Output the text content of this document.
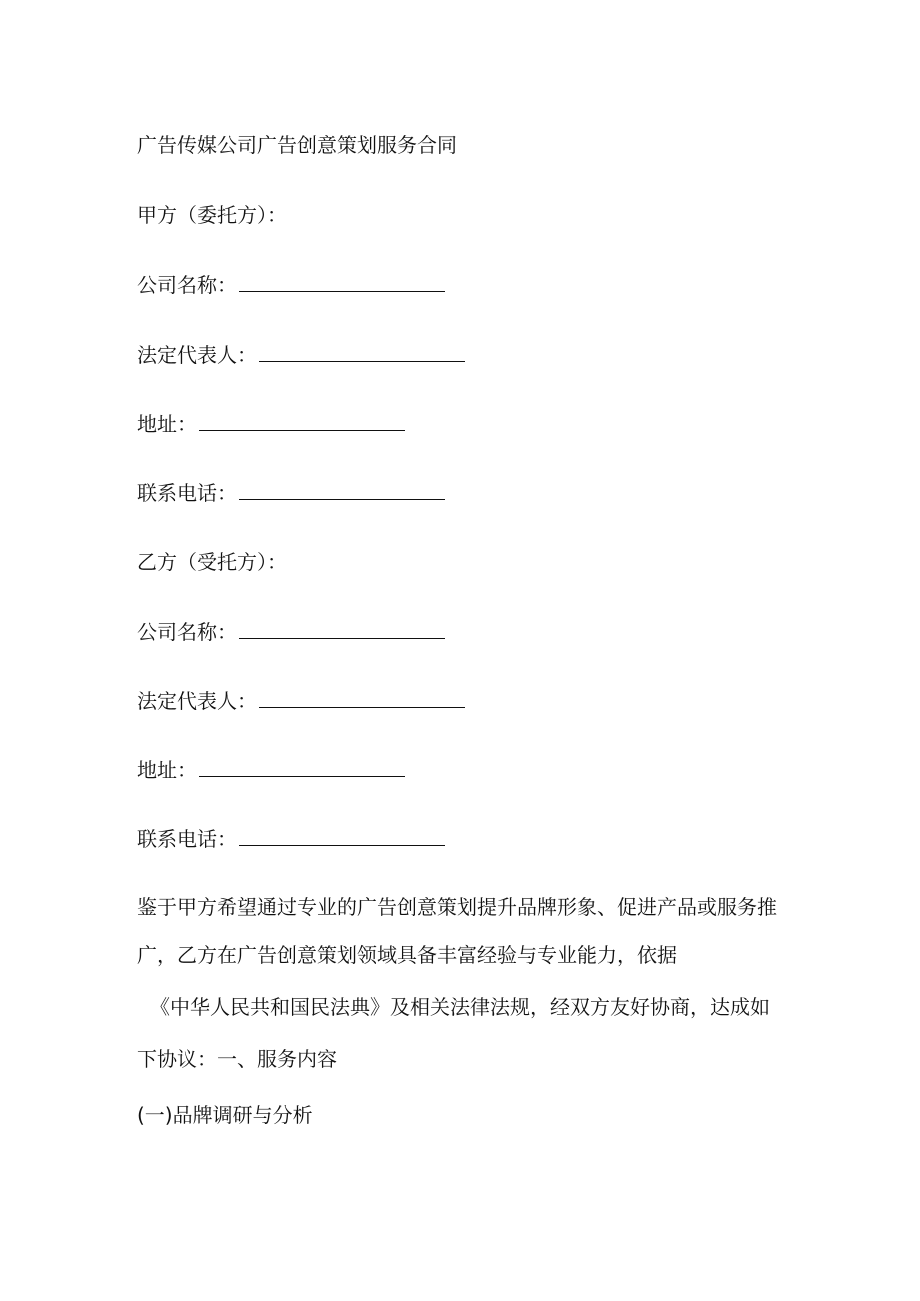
广告传媒公司广告创意策划服务合同
甲方（委托方）：
公司名称：
法定代表人：
地址：
联系电话：
乙方（受托方）：
公司名称：
法定代表人：
地址：
联系电话：
鉴于甲方希望通过专业的广告创意策划提升品牌形象、促进产品或服务推
广，乙方在广告创意策划领域具备丰富经验与专业能力，依据
《中华人民共和国民法典》及相关法律法规，经双方友好协商，达成如
下协议：一、服务内容
(一)品牌调研与分析
